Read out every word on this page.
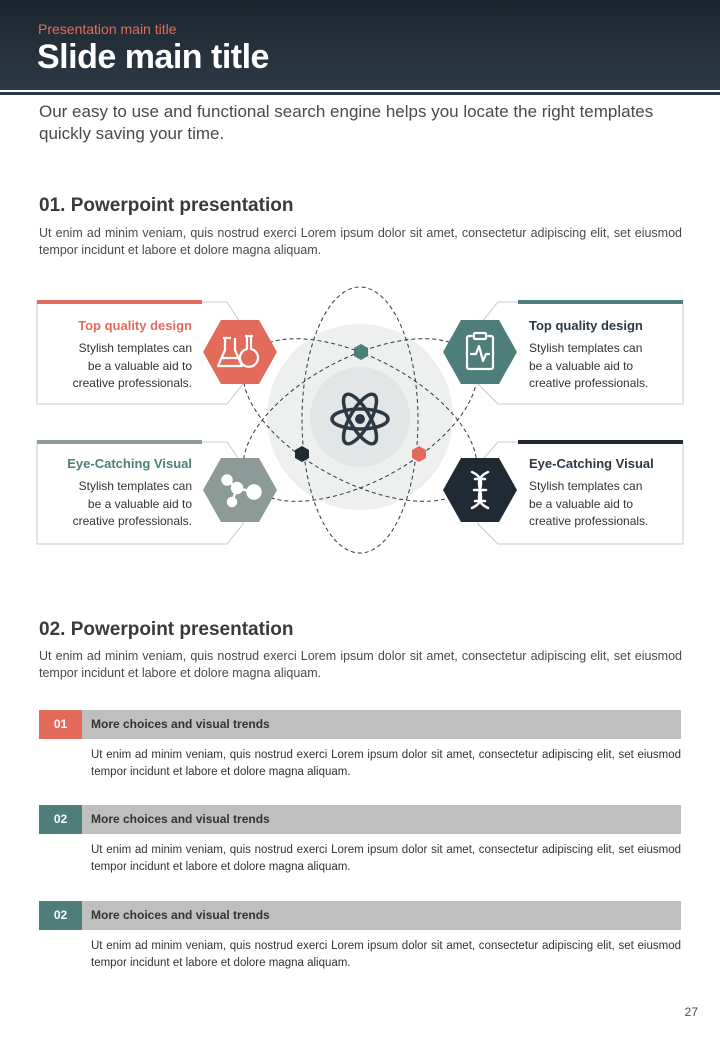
Presentation main title
Slide main title
Our easy to use and functional search engine helps you locate the right templates quickly saving your time.
01. Powerpoint presentation
Ut enim ad minim veniam, quis nostrud exerci Lorem ipsum dolor sit amet, consectetur adipiscing elit, set eiusmod tempor incidunt et labore et dolore magna aliquam.
Top quality design
Stylish templates can
be a valuable aid to
creative professionals.
Top quality design
Stylish templates can
be a valuable aid to
creative professionals.
Eye-Catching Visual
Stylish templates can
be a valuable aid to
creative professionals.
Eye-Catching Visual
Stylish templates can
be a valuable aid to
creative professionals.
02. Powerpoint presentation
Ut enim ad minim veniam, quis nostrud exerci Lorem ipsum dolor sit amet, consectetur adipiscing elit, set eiusmod tempor incidunt et labore et dolore magna aliquam.
01	More choices and visual trends
Ut enim ad minim veniam, quis nostrud exerci Lorem ipsum dolor sit amet, consectetur adipiscing elit, set eiusmod tempor incidunt et labore et dolore magna aliquam.
02	More choices and visual trends
Ut enim ad minim veniam, quis nostrud exerci Lorem ipsum dolor sit amet, consectetur adipiscing elit, set eiusmod tempor incidunt et labore et dolore magna aliquam.
02	More choices and visual trends
Ut enim ad minim veniam, quis nostrud exerci Lorem ipsum dolor sit amet, consectetur adipiscing elit, set eiusmod tempor incidunt et labore et dolore magna aliquam.
27
